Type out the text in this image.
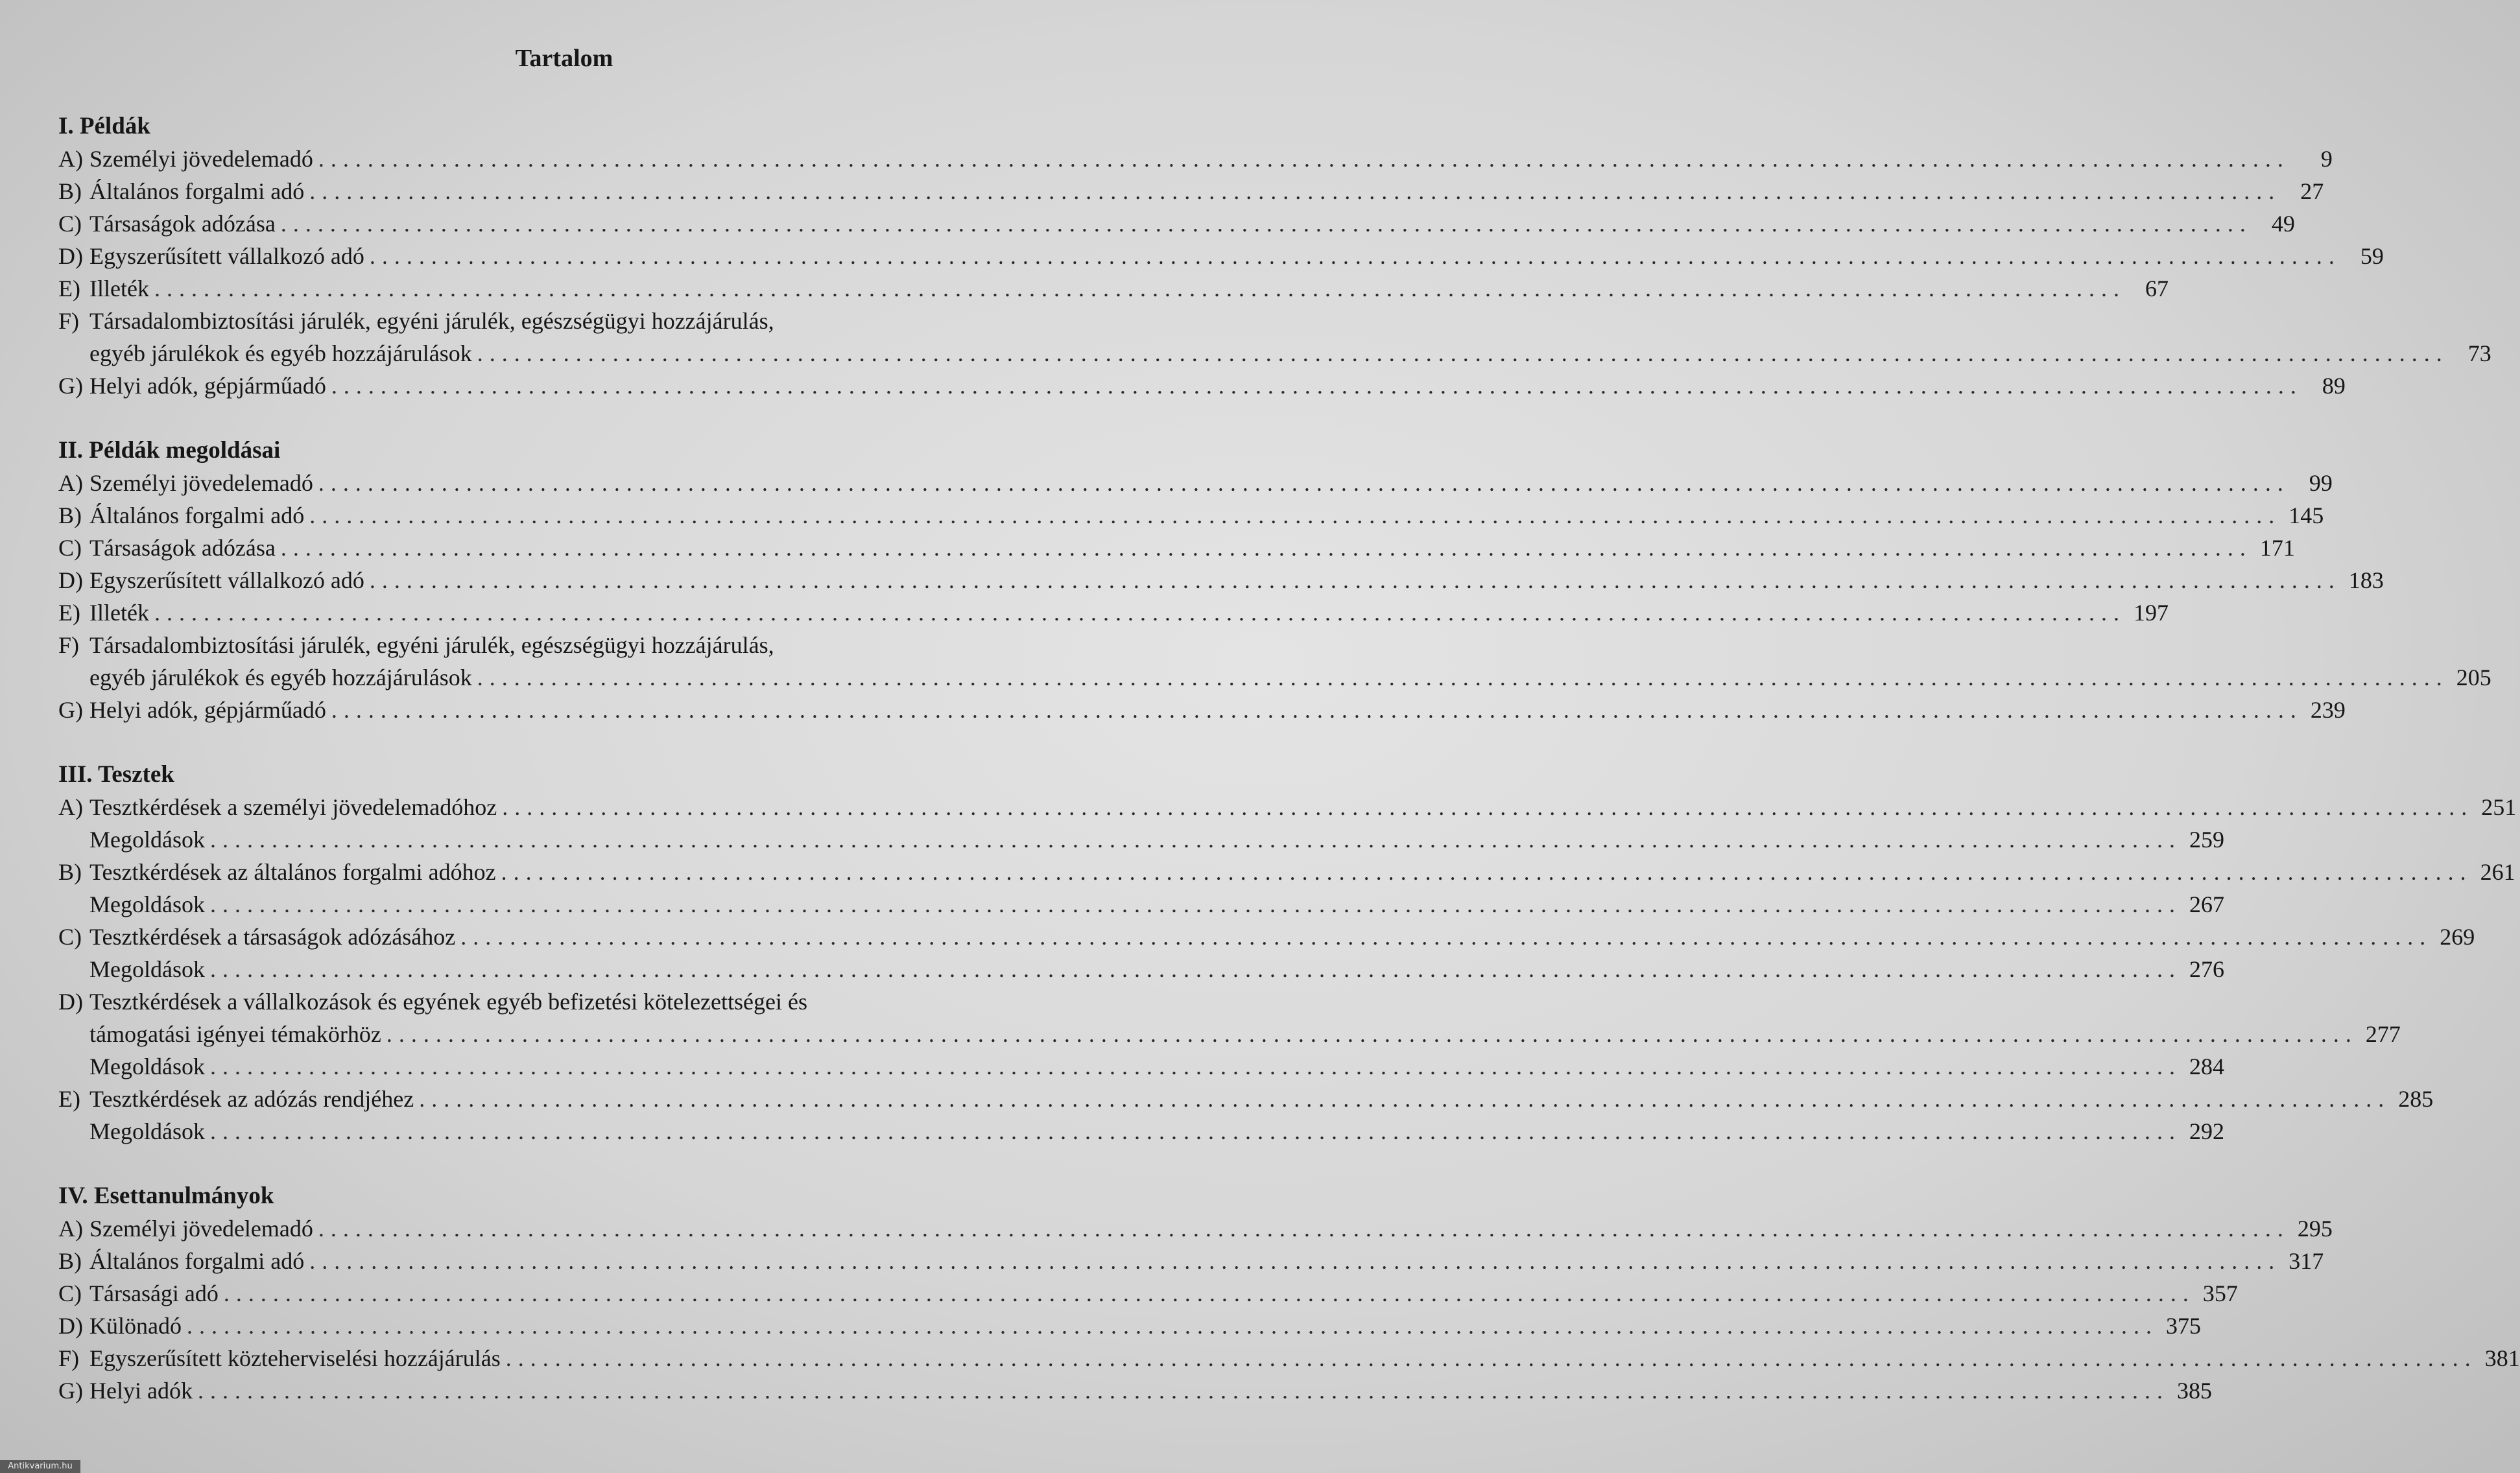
Tartalom
I. Példák
A) Személyi jövedelemadó ................................................................................................................................................................	9
B) Általános forgalmi adó ................................................................................................................................................................ 27
C) Társaságok adózása ................................................................................................................................................................ 49
D) Egyszerűsített vállalkozó adó ................................................................................................................................................................ 59
E) Illeték ................................................................................................................................................................ 67
F) Társadalombiztosítási járulék, egyéni járulék, egészségügyi hozzájárulás,
egyéb járulékok és egyéb hozzájárulások ................................................................................................................................................................ 73
G) Helyi adók, gépjárműadó ................................................................................................................................................................ 89
II. Példák megoldásai
A) Személyi jövedelemadó ................................................................................................................................................................ 99
B) Általános forgalmi adó ................................................................................................................................................................ 145
C) Társaságok adózása ................................................................................................................................................................ 171
D) Egyszerűsített vállalkozó adó ................................................................................................................................................................ 183
E) Illeték ................................................................................................................................................................ 197
F) Társadalombiztosítási járulék, egyéni járulék, egészségügyi hozzájárulás,
egyéb járulékok és egyéb hozzájárulások ................................................................................................................................................................ 205
G) Helyi adók, gépjárműadó ................................................................................................................................................................ 239
III. Tesztek
A) Tesztkérdések a személyi jövedelemadóhoz ................................................................................................................................................................ 251
Megoldások ................................................................................................................................................................ 259
B) Tesztkérdések az általános forgalmi adóhoz ................................................................................................................................................................ 261
Megoldások ................................................................................................................................................................ 267
C) Tesztkérdések a társaságok adózásához ................................................................................................................................................................ 269
Megoldások ................................................................................................................................................................ 276
D) Tesztkérdések a vállalkozások és egyének egyéb befizetési kötelezettségei és
támogatási igényei témakörhöz ................................................................................................................................................................ 277
Megoldások ................................................................................................................................................................ 284
E) Tesztkérdések az adózás rendjéhez ................................................................................................................................................................ 285
Megoldások ................................................................................................................................................................ 292
IV. Esettanulmányok
A) Személyi jövedelemadó ................................................................................................................................................................ 295
B) Általános forgalmi adó ................................................................................................................................................................ 317
C) Társasági adó ................................................................................................................................................................ 357
D) Különadó ................................................................................................................................................................ 375
F) Egyszerűsített közteherviselési hozzájárulás ................................................................................................................................................................ 381
G) Helyi adók ................................................................................................................................................................ 385
Antikvarium.hu
